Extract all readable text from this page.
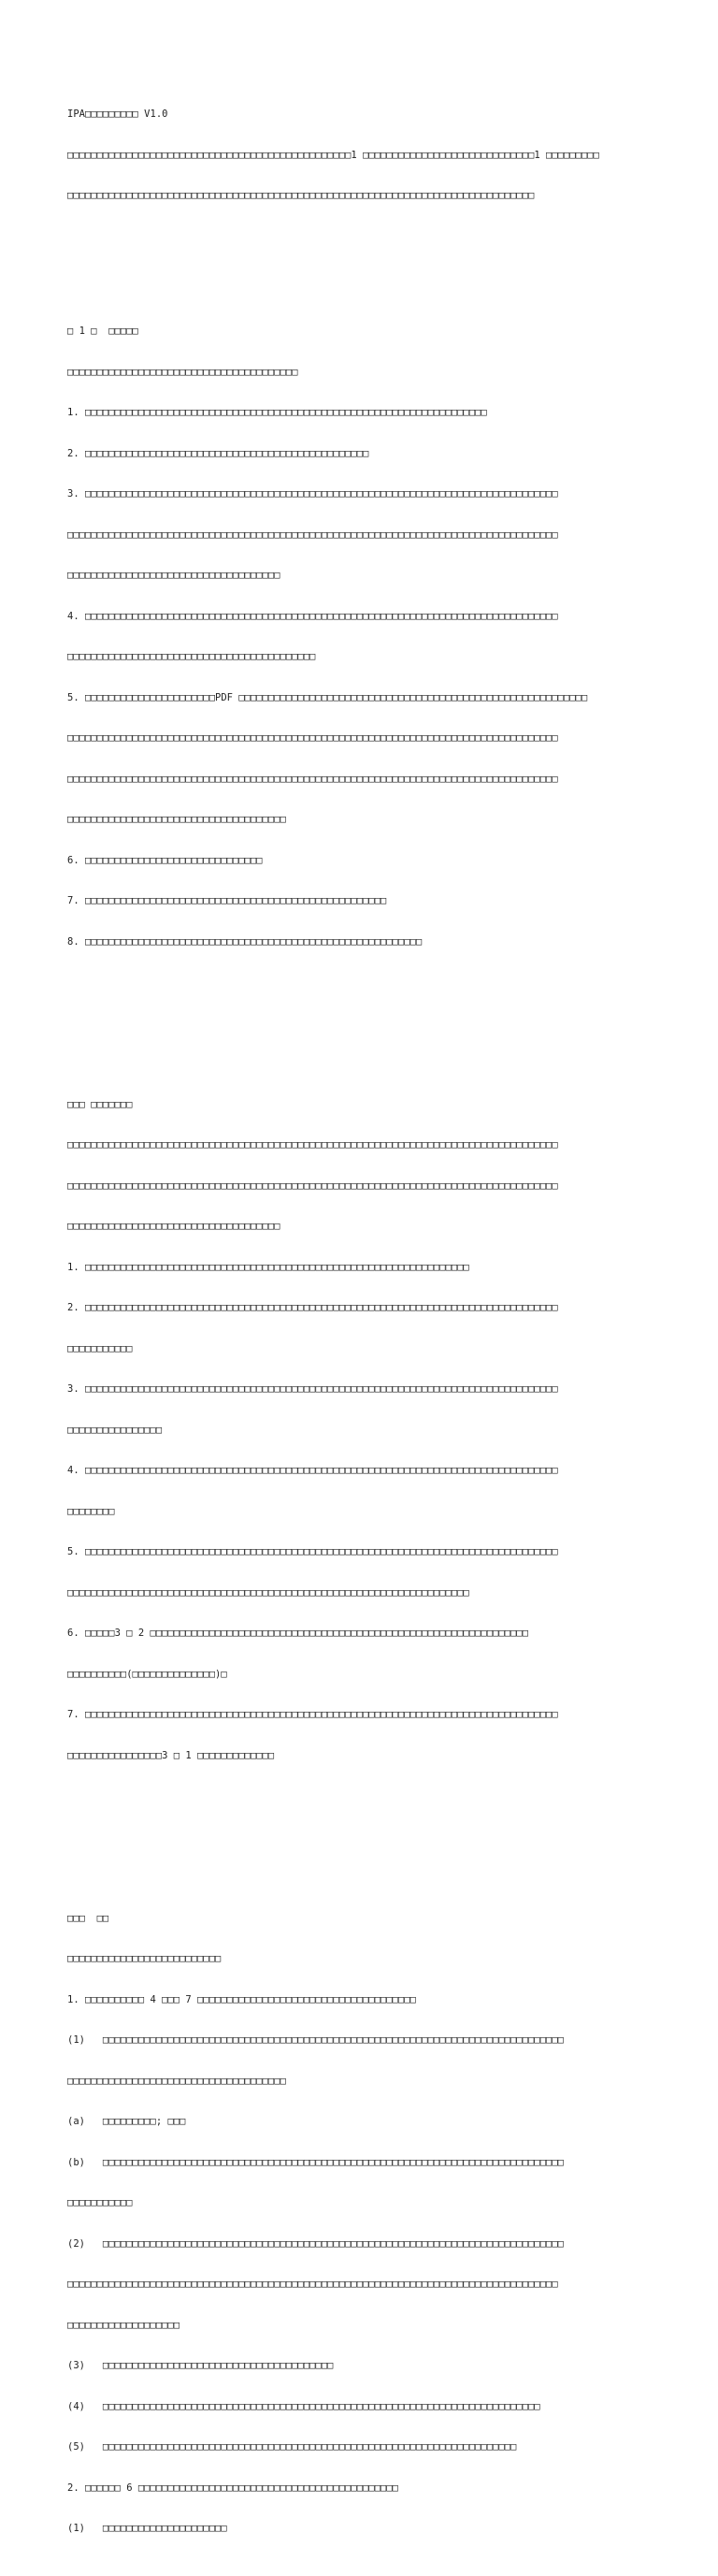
IPA□□□□□□□□□ V1.0

□□□□□□□□□□□□□□□□□□□□□□□□□□□□□□□□□□□□□□□□□□□□□□□□1 □□□□□□□□□□□□□□□□□□□□□□□□□□□□□1 □□□□□□□□□

□□□□□□□□□□□□□□□□□□□□□□□□□□□□□□□□□□□□□□□□□□□□□□□□□□□□□□□□□□□□□□□□□□□□□□□□□□□□□□□

□ 1 □  □□□□□

□□□□□□□□□□□□□□□□□□□□□□□□□□□□□□□□□□□□□□□

1. □□□□□□□□□□□□□□□□□□□□□□□□□□□□□□□□□□□□□□□□□□□□□□□□□□□□□□□□□□□□□□□□□□□□

2. □□□□□□□□□□□□□□□□□□□□□□□□□□□□□□□□□□□□□□□□□□□□□□□□

3. □□□□□□□□□□□□□□□□□□□□□□□□□□□□□□□□□□□□□□□□□□□□□□□□□□□□□□□□□□□□□□□□□□□□□□□□□□□□□□□□

□□□□□□□□□□□□□□□□□□□□□□□□□□□□□□□□□□□□□□□□□□□□□□□□□□□□□□□□□□□□□□□□□□□□□□□□□□□□□□□□□□□

□□□□□□□□□□□□□□□□□□□□□□□□□□□□□□□□□□□□

4. □□□□□□□□□□□□□□□□□□□□□□□□□□□□□□□□□□□□□□□□□□□□□□□□□□□□□□□□□□□□□□□□□□□□□□□□□□□□□□□□

□□□□□□□□□□□□□□□□□□□□□□□□□□□□□□□□□□□□□□□□□□

5. □□□□□□□□□□□□□□□□□□□□□□PDF □□□□□□□□□□□□□□□□□□□□□□□□□□□□□□□□□□□□□□□□□□□□□□□□□□□□□□□□□□□

□□□□□□□□□□□□□□□□□□□□□□□□□□□□□□□□□□□□□□□□□□□□□□□□□□□□□□□□□□□□□□□□□□□□□□□□□□□□□□□□□□□

□□□□□□□□□□□□□□□□□□□□□□□□□□□□□□□□□□□□□□□□□□□□□□□□□□□□□□□□□□□□□□□□□□□□□□□□□□□□□□□□□□□

□□□□□□□□□□□□□□□□□□□□□□□□□□□□□□□□□□□□□

6. □□□□□□□□□□□□□□□□□□□□□□□□□□□□□□

7. □□□□□□□□□□□□□□□□□□□□□□□□□□□□□□□□□□□□□□□□□□□□□□□□□□□

8. □□□□□□□□□□□□□□□□□□□□□□□□□□□□□□□□□□□□□□□□□□□□□□□□□□□□□□□□□

□□□ □□□□□□□

□□□□□□□□□□□□□□□□□□□□□□□□□□□□□□□□□□□□□□□□□□□□□□□□□□□□□□□□□□□□□□□□□□□□□□□□□□□□□□□□□□□

□□□□□□□□□□□□□□□□□□□□□□□□□□□□□□□□□□□□□□□□□□□□□□□□□□□□□□□□□□□□□□□□□□□□□□□□□□□□□□□□□□□

□□□□□□□□□□□□□□□□□□□□□□□□□□□□□□□□□□□□

1. □□□□□□□□□□□□□□□□□□□□□□□□□□□□□□□□□□□□□□□□□□□□□□□□□□□□□□□□□□□□□□□□□

2. □□□□□□□□□□□□□□□□□□□□□□□□□□□□□□□□□□□□□□□□□□□□□□□□□□□□□□□□□□□□□□□□□□□□□□□□□□□□□□□□

□□□□□□□□□□□

3. □□□□□□□□□□□□□□□□□□□□□□□□□□□□□□□□□□□□□□□□□□□□□□□□□□□□□□□□□□□□□□□□□□□□□□□□□□□□□□□□

□□□□□□□□□□□□□□□□

4. □□□□□□□□□□□□□□□□□□□□□□□□□□□□□□□□□□□□□□□□□□□□□□□□□□□□□□□□□□□□□□□□□□□□□□□□□□□□□□□□

□□□□□□□□

5. □□□□□□□□□□□□□□□□□□□□□□□□□□□□□□□□□□□□□□□□□□□□□□□□□□□□□□□□□□□□□□□□□□□□□□□□□□□□□□□□

□□□□□□□□□□□□□□□□□□□□□□□□□□□□□□□□□□□□□□□□□□□□□□□□□□□□□□□□□□□□□□□□□□□□

6. □□□□□3 □ 2 □□□□□□□□□□□□□□□□□□□□□□□□□□□□□□□□□□□□□□□□□□□□□□□□□□□□□□□□□□□□□□□□

□□□□□□□□□□(□□□□□□□□□□□□□□)□

7. □□□□□□□□□□□□□□□□□□□□□□□□□□□□□□□□□□□□□□□□□□□□□□□□□□□□□□□□□□□□□□□□□□□□□□□□□□□□□□□□

□□□□□□□□□□□□□□□□3 □ 1 □□□□□□□□□□□□□

□□□  □□

□□□□□□□□□□□□□□□□□□□□□□□□□□

1. □□□□□□□□□□ 4 □□□ 7 □□□□□□□□□□□□□□□□□□□□□□□□□□□□□□□□□□□□□

(1)   □□□□□□□□□□□□□□□□□□□□□□□□□□□□□□□□□□□□□□□□□□□□□□□□□□□□□□□□□□□□□□□□□□□□□□□□□□□□□□

□□□□□□□□□□□□□□□□□□□□□□□□□□□□□□□□□□□□□

(a)   □□□□□□□□□; □□□

(b)   □□□□□□□□□□□□□□□□□□□□□□□□□□□□□□□□□□□□□□□□□□□□□□□□□□□□□□□□□□□□□□□□□□□□□□□□□□□□□□

□□□□□□□□□□□

(2)   □□□□□□□□□□□□□□□□□□□□□□□□□□□□□□□□□□□□□□□□□□□□□□□□□□□□□□□□□□□□□□□□□□□□□□□□□□□□□□

□□□□□□□□□□□□□□□□□□□□□□□□□□□□□□□□□□□□□□□□□□□□□□□□□□□□□□□□□□□□□□□□□□□□□□□□□□□□□□□□□□□

□□□□□□□□□□□□□□□□□□□

(3)   □□□□□□□□□□□□□□□□□□□□□□□□□□□□□□□□□□□□□□□

(4)   □□□□□□□□□□□□□□□□□□□□□□□□□□□□□□□□□□□□□□□□□□□□□□□□□□□□□□□□□□□□□□□□□□□□□□□□□□

(5)   □□□□□□□□□□□□□□□□□□□□□□□□□□□□□□□□□□□□□□□□□□□□□□□□□□□□□□□□□□□□□□□□□□□□□□

2. □□□□□□ 6 □□□□□□□□□□□□□□□□□□□□□□□□□□□□□□□□□□□□□□□□□□□□

(1)   □□□□□□□□□□□□□□□□□□□□□
